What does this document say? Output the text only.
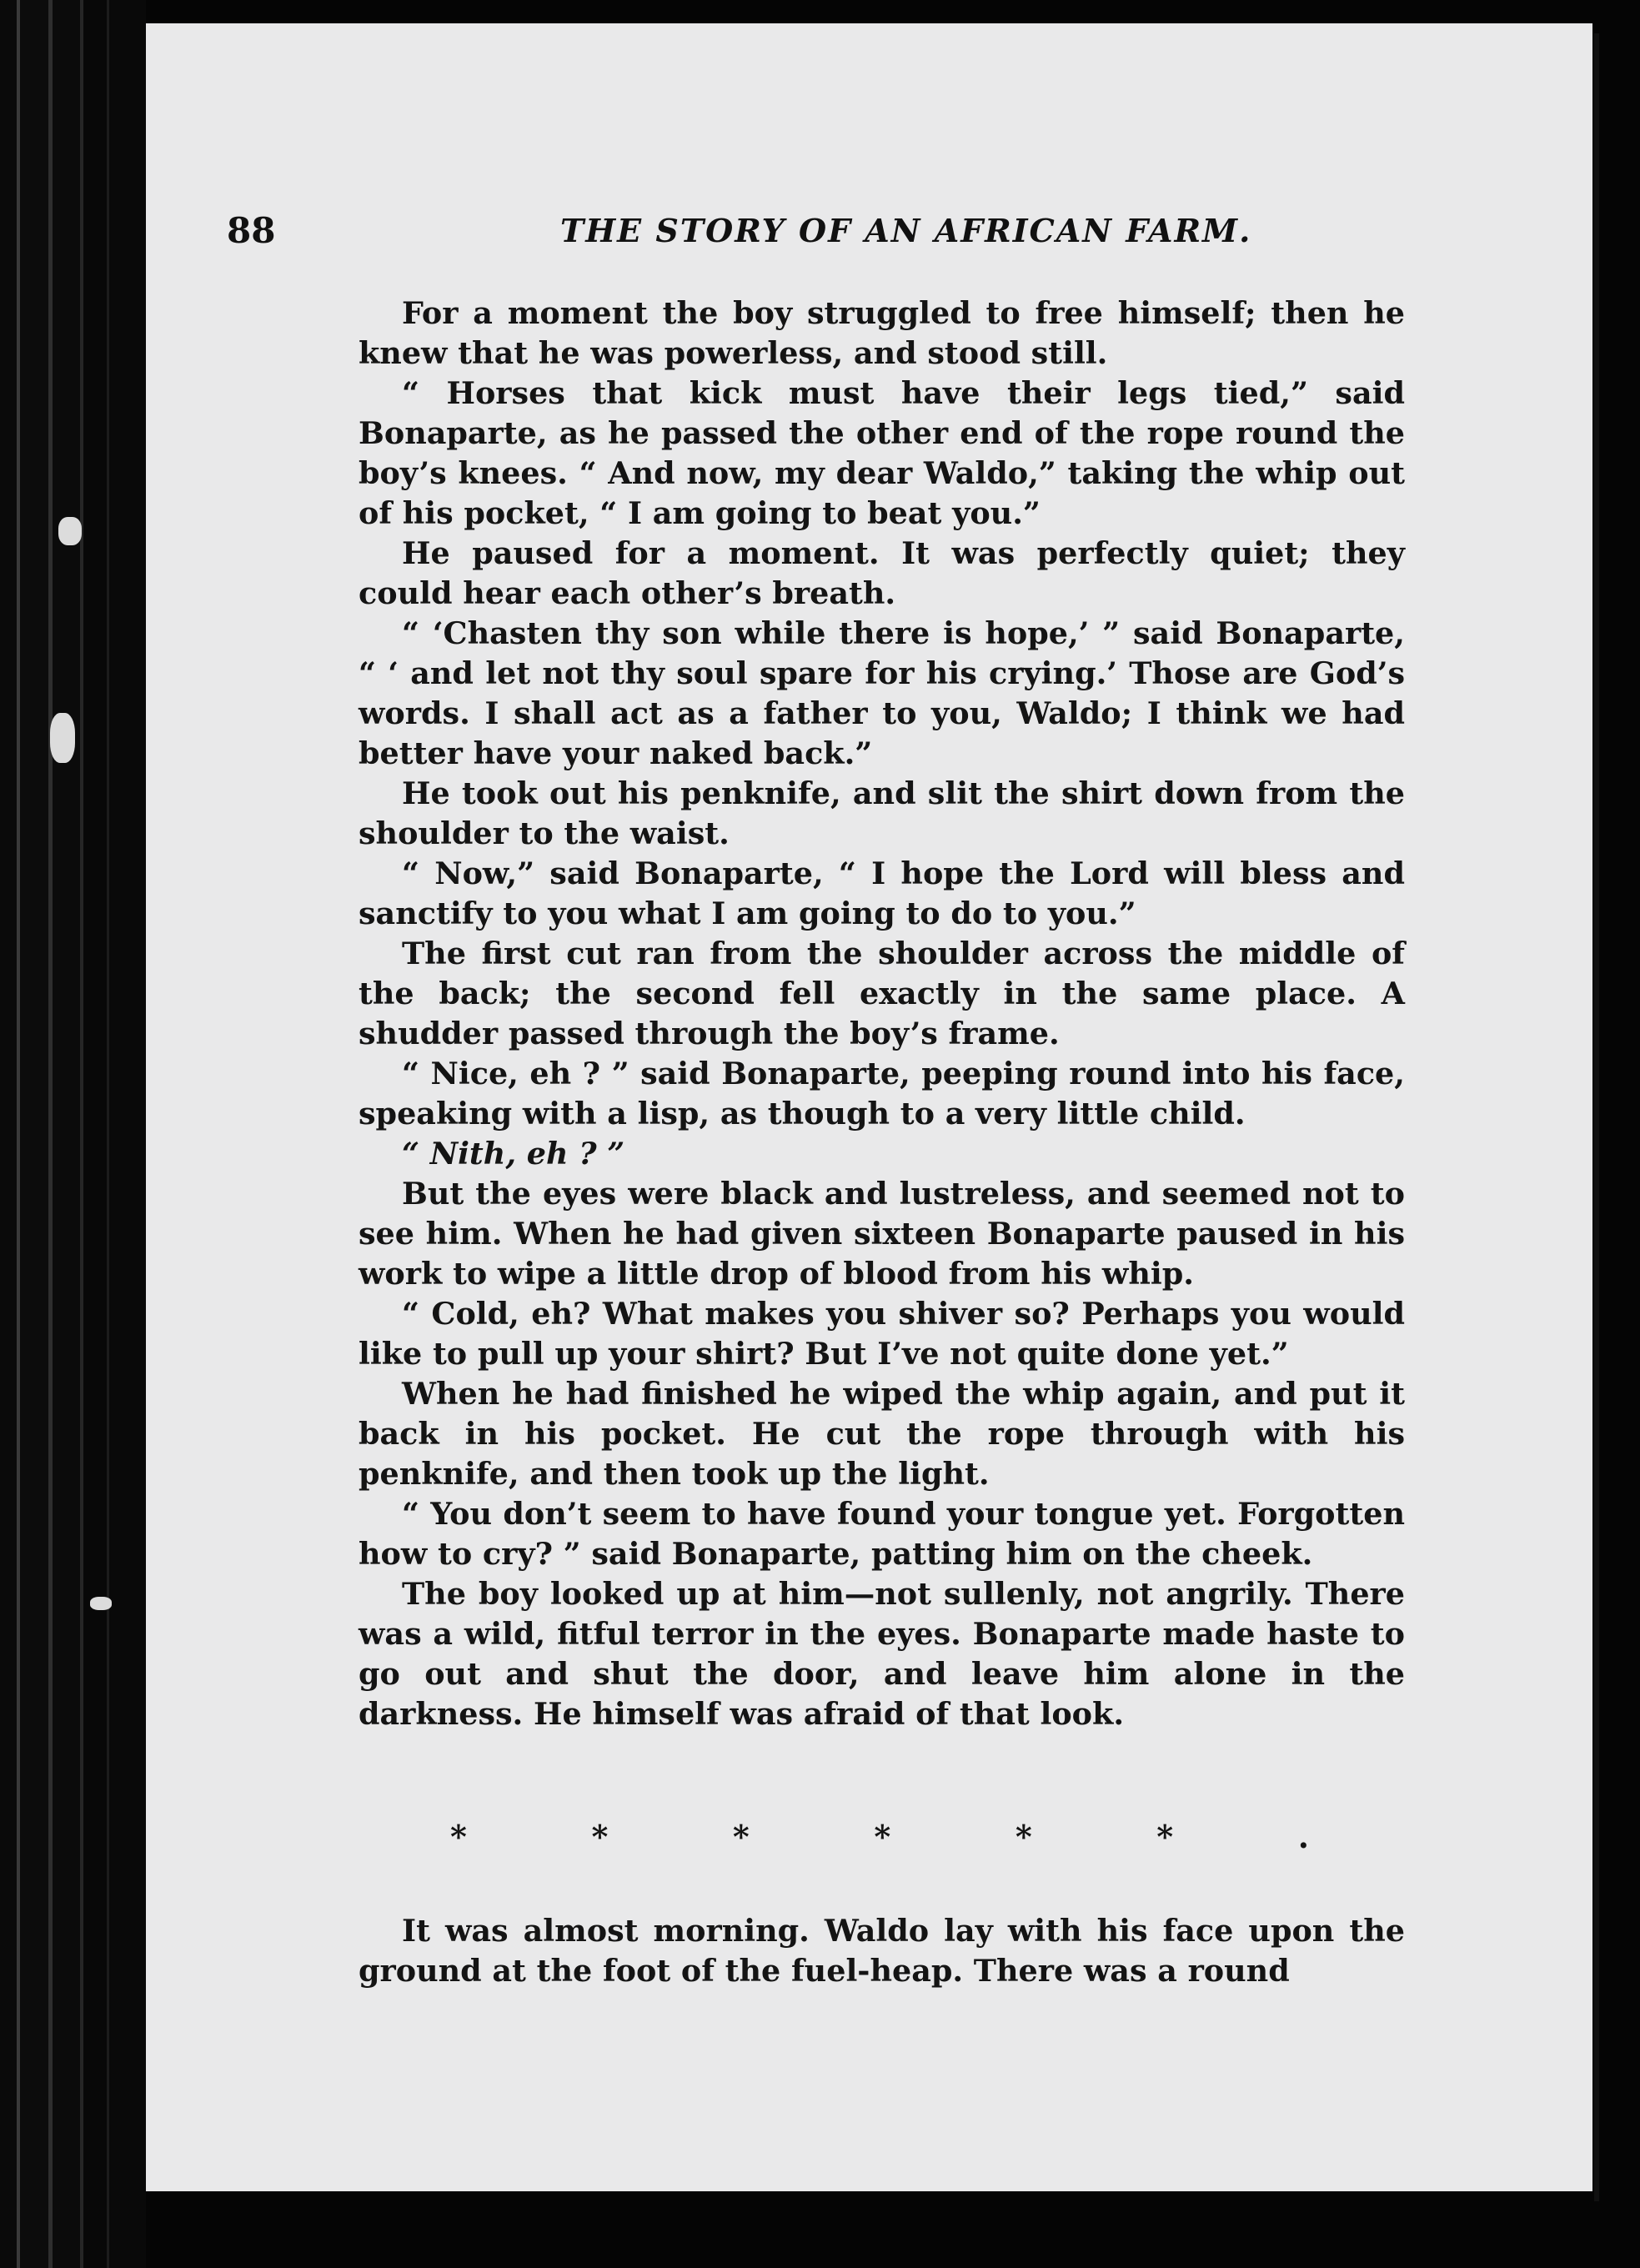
88	THE STORY OF AN AFRICAN FARM.

For a moment the boy struggled to free himself; then he knew that he was powerless, and stood still.

“ Horses that kick must have their legs tied,” said Bonaparte, as he passed the other end of the rope round the boy’s knees. “ And now, my dear Waldo,” taking the whip out of his pocket, “ I am going to beat you.”

He paused for a moment. It was perfectly quiet; they could hear each other’s breath.

“ ‘Chasten thy son while there is hope,’ ” said Bonaparte, “ ‘ and let not thy soul spare for his crying.’ Those are God’s words. I shall act as a father to you, Waldo; I think we had better have your naked back.”

He took out his penknife, and slit the shirt down from the shoulder to the waist.

“ Now,” said Bonaparte, “ I hope the Lord will bless and sanctify to you what I am going to do to you.”

The first cut ran from the shoulder across the middle of the back; the second fell exactly in the same place. A shudder passed through the boy’s frame.

“ Nice, eh ? ” said Bonaparte, peeping round into his face, speaking with a lisp, as though to a very little child.

“ Nith, eh ? ”

But the eyes were black and lustreless, and seemed not to see him. When he had given sixteen Bonaparte paused in his work to wipe a little drop of blood from his whip.

“ Cold, eh? What makes you shiver so? Perhaps you would like to pull up your shirt? But I’ve not quite done yet.”

When he had finished he wiped the whip again, and put it back in his pocket. He cut the rope through with his penknife, and then took up the light.

“ You don’t seem to have found your tongue yet. Forgotten how to cry? ” said Bonaparte, patting him on the cheek.

The boy looked up at him—not sullenly, not angrily. There was a wild, fitful terror in the eyes. Bonaparte made haste to go out and shut the door, and leave him alone in the darkness. He himself was afraid of that look.

*	*	*	*	*	*	.

It was almost morning. Waldo lay with his face upon the ground at the foot of the fuel-heap. There was a round
